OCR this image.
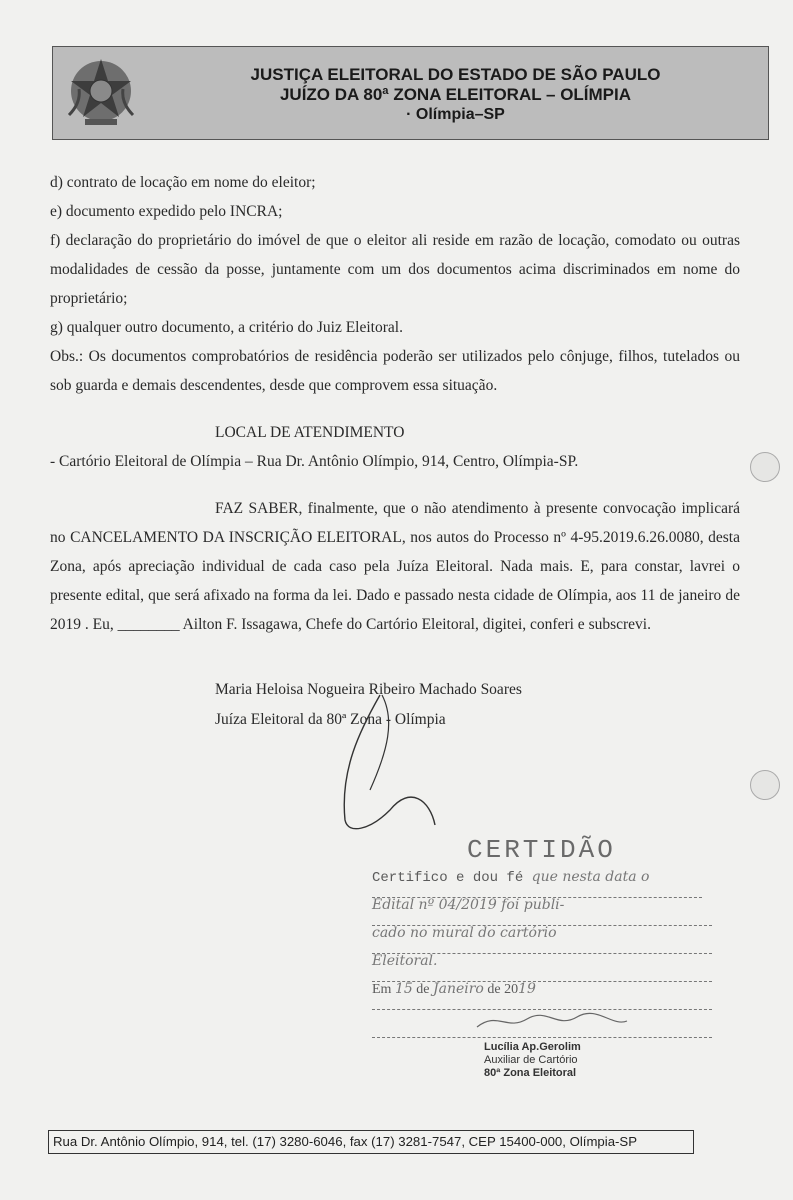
JUSTIÇA ELEITORAL DO ESTADO DE SÃO PAULO
JUÍZO DA 80ª ZONA ELEITORAL – OLÍMPIA
· Olímpia–SP

d) contrato de locação em nome do eleitor;

e) documento expedido pelo INCRA;

f) declaração do proprietário do imóvel de que o eleitor ali reside em razão de locação, comodato ou outras modalidades de cessão da posse, juntamente com um dos documentos acima discriminados em nome do proprietário;

g) qualquer outro documento, a critério do Juiz Eleitoral.

Obs.: Os documentos comprobatórios de residência poderão ser utilizados pelo cônjuge, filhos, tutelados ou sob guarda e demais descendentes, desde que comprovem essa situação.

LOCAL DE ATENDIMENTO

- Cartório Eleitoral de Olímpia – Rua Dr. Antônio Olímpio, 914, Centro, Olímpia-SP.

FAZ SABER, finalmente, que o não atendimento à presente convocação implicará no CANCELAMENTO DA INSCRIÇÃO ELEITORAL, nos autos do Processo nº 4-95.2019.6.26.0080, desta Zona, após apreciação individual de cada caso pela Juíza Eleitoral. Nada mais. E, para constar, lavrei o presente edital, que será afixado na forma da lei. Dado e passado nesta cidade de Olímpia, aos 11 de janeiro de 2019 . Eu, ________ Ailton F. Issagawa, Chefe do Cartório Eleitoral, digitei, conferi e subscrevi.

Maria Heloisa Nogueira Ribeiro Machado Soares

Juíza Eleitoral da 80ª Zona - Olímpia

CERTIDÃO
Certifico e dou fé que nesta data o
Edital nº 04/2019 foi publi-
cado no mural do cartório
Eleitoral.
Em 15 de Janeiro de 2019
Lucília Ap.Gerolim
Auxiliar de Cartório
80ª Zona Eleitoral
Rua Dr. Antônio Olímpio, 914, tel. (17) 3280-6046, fax (17) 3281-7547, CEP 15400-000, Olímpia-SP
